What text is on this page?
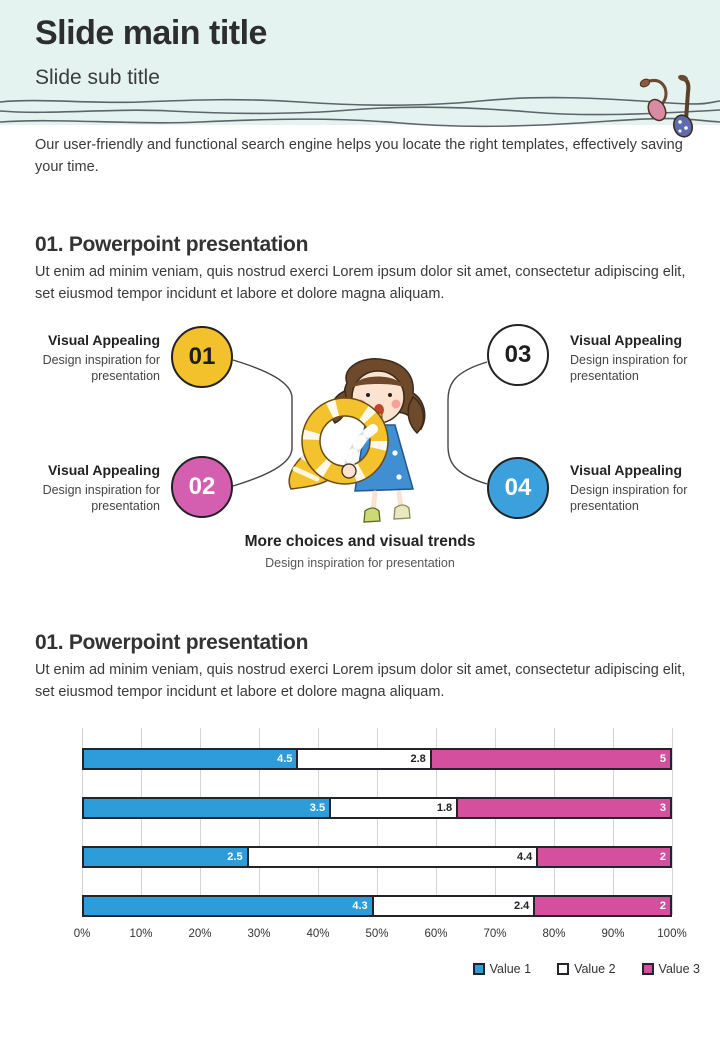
Slide main title
Slide sub title
Our user-friendly and functional search engine helps you locate the right templates, effectively saving your time.
01. Powerpoint presentation
Ut enim ad minim veniam, quis nostrud exerci Lorem ipsum dolor sit amet, consectetur adipiscing elit, set eiusmod tempor incidunt et labore et dolore magna aliquam.
Visual Appealing
Design inspiration for presentation
Visual Appealing
Design inspiration for presentation
Visual Appealing
Design inspiration for presentation
Visual Appealing
Design inspiration for presentation
01
02
03
04
More choices and visual trends
Design inspiration for presentation
01. Powerpoint presentation
Ut enim ad minim veniam, quis nostrud exerci Lorem ipsum dolor sit amet, consectetur adipiscing elit, set eiusmod tempor incidunt et labore et dolore magna aliquam.
4.5	2.8	5
3.5	1.8	3
2.5	4.4	2
4.3	2.4	2
0%	10%	20%	30%	40%	50%	60%	70%	80%	90%	100%
Value 1	Value 2	Value 3
